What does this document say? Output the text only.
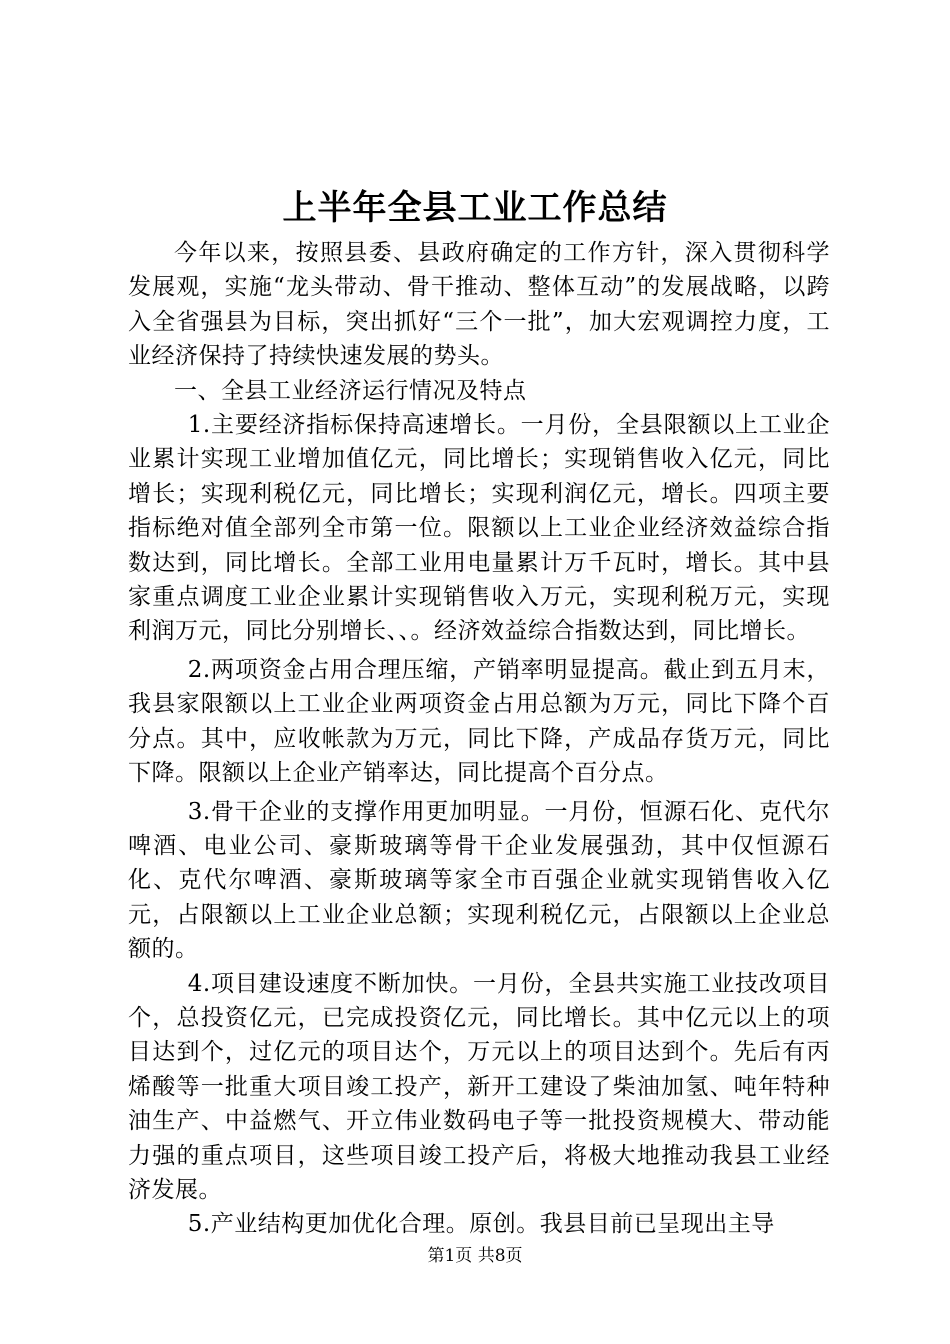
上半年全县工业工作总结

今年以来，按照县委、县政府确定的工作方针，深入贯彻科学发展观，实施“龙头带动、骨干推动、整体互动”的发展战略，以跨入全省强县为目标，突出抓好“三个一批”，加大宏观调控力度，工业经济保持了持续快速发展的势头。

一、全县工业经济运行情况及特点

1.主要经济指标保持高速增长。一月份，全县限额以上工业企业累计实现工业增加值亿元，同比增长；实现销售收入亿元，同比增长；实现利税亿元，同比增长；实现利润亿元，增长。四项主要指标绝对值全部列全市第一位。限额以上工业企业经济效益综合指数达到，同比增长。全部工业用电量累计万千瓦时，增长。其中县家重点调度工业企业累计实现销售收入万元，实现利税万元，实现利润万元，同比分别增长、、。经济效益综合指数达到，同比增长。

2.两项资金占用合理压缩，产销率明显提高。截止到五月末，我县家限额以上工业企业两项资金占用总额为万元，同比下降个百分点。其中，应收帐款为万元，同比下降，产成品存货万元，同比下降。限额以上企业产销率达，同比提高个百分点。

3.骨干企业的支撑作用更加明显。一月份，恒源石化、克代尔啤酒、电业公司、豪斯玻璃等骨干企业发展强劲，其中仅恒源石化、克代尔啤酒、豪斯玻璃等家全市百强企业就实现销售收入亿元，占限额以上工业企业总额；实现利税亿元，占限额以上企业总额的。

4.项目建设速度不断加快。一月份，全县共实施工业技改项目个，总投资亿元，已完成投资亿元，同比增长。其中亿元以上的项目达到个，过亿元的项目达个，万元以上的项目达到个。先后有丙烯酸等一批重大项目竣工投产，新开工建设了柴油加氢、吨年特种油生产、中益燃气、开立伟业数码电子等一批投资规模大、带动能力强的重点项目，这些项目竣工投产后，将极大地推动我县工业经济发展。

5.产业结构更加优化合理。原创。我县目前已呈现出主导

第1页 共8页
